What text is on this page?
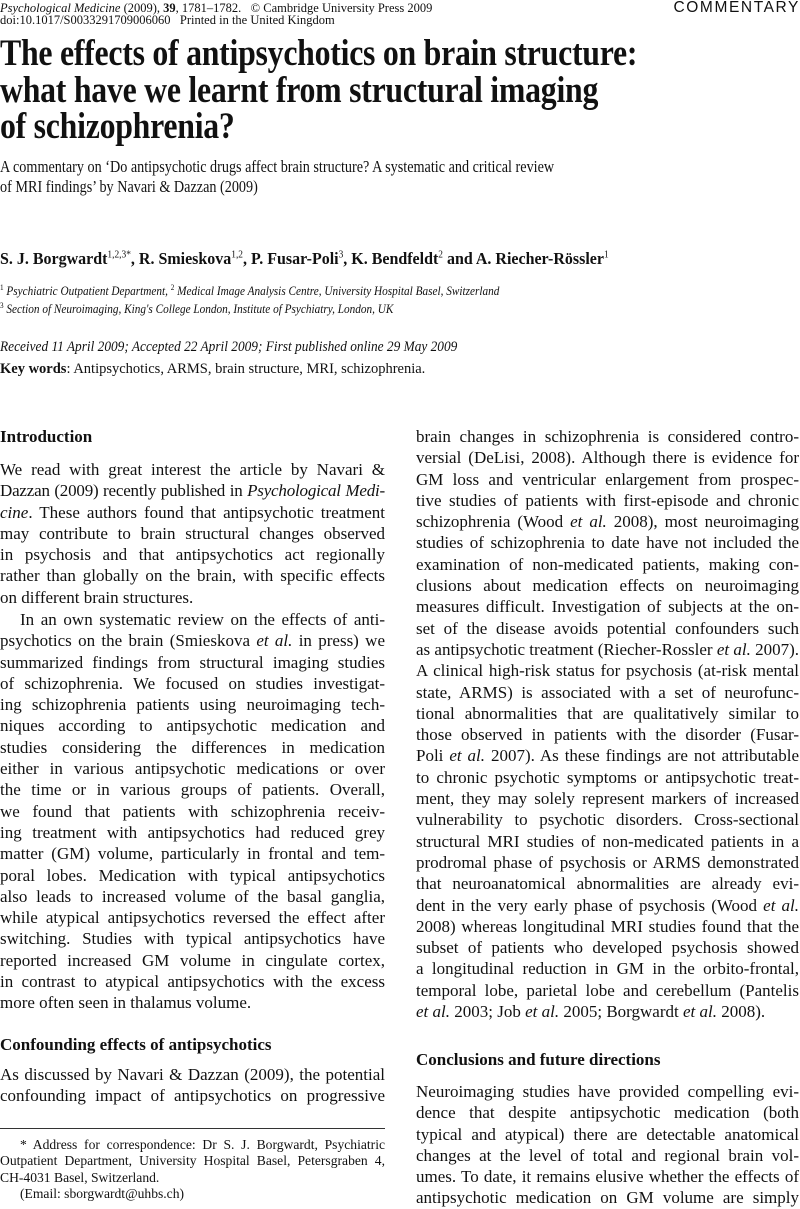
Psychological Medicine (2009), 39, 1781–1782.   © Cambridge University Press 2009
doi:10.1017/S0033291709006060   Printed in the United Kingdom
COMMENTARY
The effects of antipsychotics on brain structure:
what have we learnt from structural imaging
of schizophrenia?
A commentary on ‘Do antipsychotic drugs affect brain structure? A systematic and critical review
of MRI findings’ by Navari & Dazzan (2009)
S. J. Borgwardt$^{1,2,3*}$, R. Smieskova$^{1,2}$, P. Fusar-Poli$^3$, K. Bendfeldt$^2$ and A. Riecher-Rössler$^1$
$^1$ Psychiatric Outpatient Department, $^2$ Medical Image Analysis Centre, University Hospital Basel, Switzerland
$^3$ Section of Neuroimaging, King's College London, Institute of Psychiatry, London, UK
Received 11 April 2009; Accepted 22 April 2009; First published online 29 May 2009
Key words: Antipsychotics, ARMS, brain structure, MRI, schizophrenia.
Introduction
We read with great interest the article by Navari &
Dazzan (2009) recently published in Psychological Medi-
cine. These authors found that antipsychotic treatment
may contribute to brain structural changes observed
in psychosis and that antipsychotics act regionally
rather than globally on the brain, with specific effects
on different brain structures.
In an own systematic review on the effects of anti-
psychotics on the brain (Smieskova et al. in press) we
summarized findings from structural imaging studies
of schizophrenia. We focused on studies investigat-
ing schizophrenia patients using neuroimaging tech-
niques according to antipsychotic medication and
studies considering the differences in medication
either in various antipsychotic medications or over
the time or in various groups of patients. Overall,
we found that patients with schizophrenia receiv-
ing treatment with antipsychotics had reduced grey
matter (GM) volume, particularly in frontal and tem-
poral lobes. Medication with typical antipsychotics
also leads to increased volume of the basal ganglia,
while atypical antipsychotics reversed the effect after
switching. Studies with typical antipsychotics have
reported increased GM volume in cingulate cortex,
in contrast to atypical antipsychotics with the excess
more often seen in thalamus volume.
Confounding effects of antipsychotics
As discussed by Navari & Dazzan (2009), the potential
confounding impact of antipsychotics on progressive
* Address for correspondence: Dr S. J. Borgwardt, Psychiatric
Outpatient Department, University Hospital Basel, Petersgraben 4,
CH-4031 Basel, Switzerland.
(Email: sborgwardt@uhbs.ch)
brain changes in schizophrenia is considered contro-
versial (DeLisi, 2008). Although there is evidence for
GM loss and ventricular enlargement from prospec-
tive studies of patients with first-episode and chronic
schizophrenia (Wood et al. 2008), most neuroimaging
studies of schizophrenia to date have not included the
examination of non-medicated patients, making con-
clusions about medication effects on neuroimaging
measures difficult. Investigation of subjects at the on-
set of the disease avoids potential confounders such
as antipsychotic treatment (Riecher-Rossler et al. 2007).
A clinical high-risk status for psychosis (at-risk mental
state, ARMS) is associated with a set of neurofunc-
tional abnormalities that are qualitatively similar to
those observed in patients with the disorder (Fusar-
Poli et al. 2007). As these findings are not attributable
to chronic psychotic symptoms or antipsychotic treat-
ment, they may solely represent markers of increased
vulnerability to psychotic disorders. Cross-sectional
structural MRI studies of non-medicated patients in a
prodromal phase of psychosis or ARMS demonstrated
that neuroanatomical abnormalities are already evi-
dent in the very early phase of psychosis (Wood et al.
2008) whereas longitudinal MRI studies found that the
subset of patients who developed psychosis showed
a longitudinal reduction in GM in the orbito-frontal,
temporal lobe, parietal lobe and cerebellum (Pantelis
et al. 2003; Job et al. 2005; Borgwardt et al. 2008).
Conclusions and future directions
Neuroimaging studies have provided compelling evi-
dence that despite antipsychotic medication (both
typical and atypical) there are detectable anatomical
changes at the level of total and regional brain vol-
umes. To date, it remains elusive whether the effects of
antipsychotic medication on GM volume are simply
